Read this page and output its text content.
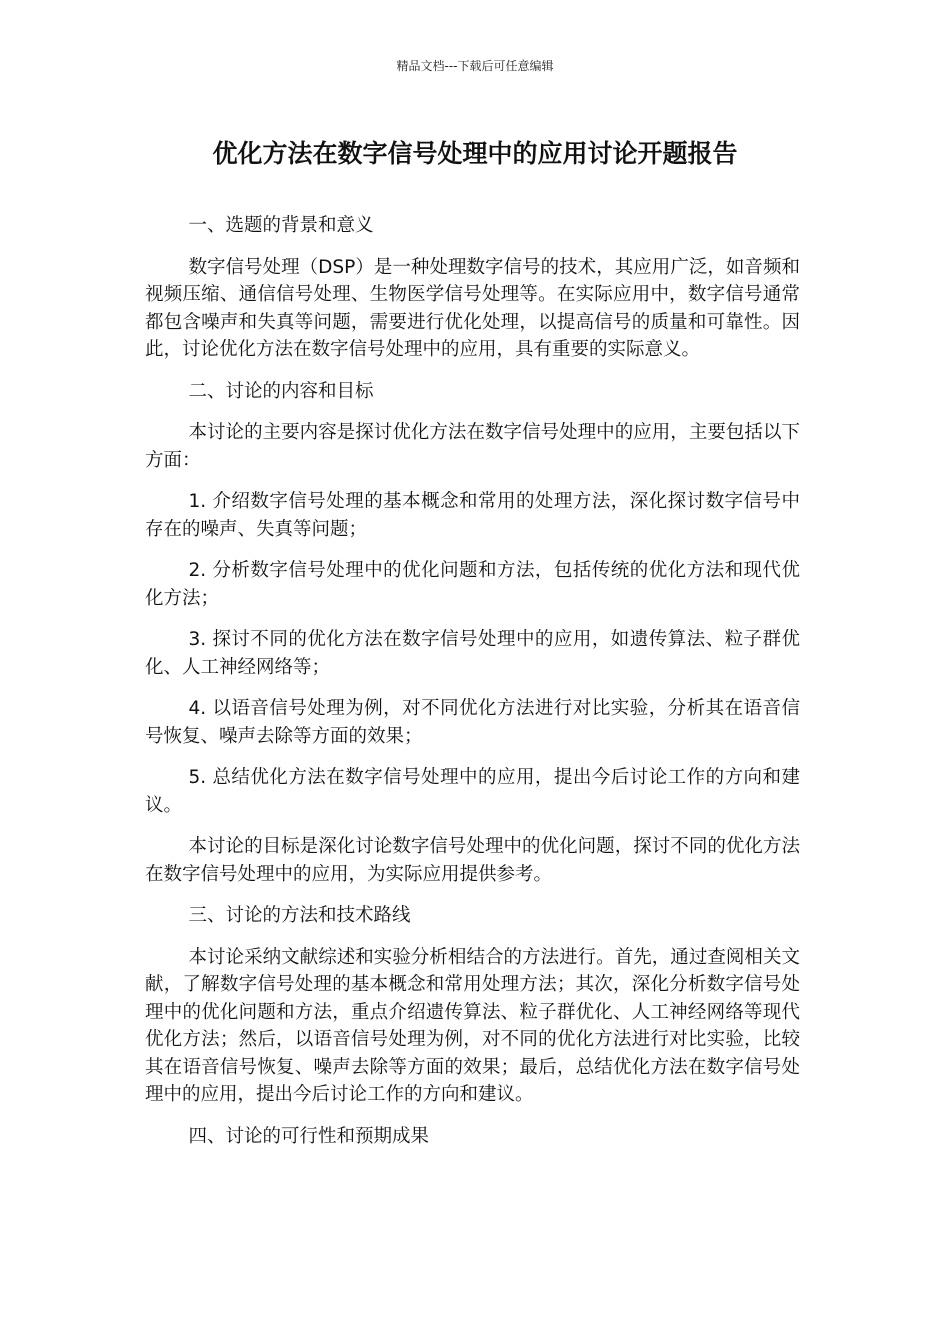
精品文档---下载后可任意编辑
优化方法在数字信号处理中的应用讨论开题报告

一、选题的背景和意义

数字信号处理（DSP）是一种处理数字信号的技术，其应用广泛，如音频和视频压缩、通信信号处理、生物医学信号处理等。在实际应用中，数字信号通常都包含噪声和失真等问题，需要进行优化处理，以提高信号的质量和可靠性。因此，讨论优化方法在数字信号处理中的应用，具有重要的实际意义。

二、讨论的内容和目标

本讨论的主要内容是探讨优化方法在数字信号处理中的应用，主要包括以下方面：

1. 介绍数字信号处理的基本概念和常用的处理方法，深化探讨数字信号中存在的噪声、失真等问题；

2. 分析数字信号处理中的优化问题和方法，包括传统的优化方法和现代优化方法；

3. 探讨不同的优化方法在数字信号处理中的应用，如遗传算法、粒子群优化、人工神经网络等；

4. 以语音信号处理为例，对不同优化方法进行对比实验，分析其在语音信号恢复、噪声去除等方面的效果；

5. 总结优化方法在数字信号处理中的应用，提出今后讨论工作的方向和建议。

本讨论的目标是深化讨论数字信号处理中的优化问题，探讨不同的优化方法在数字信号处理中的应用，为实际应用提供参考。

三、讨论的方法和技术路线

本讨论采纳文献综述和实验分析相结合的方法进行。首先，通过查阅相关文献，了解数字信号处理的基本概念和常用处理方法；其次，深化分析数字信号处理中的优化问题和方法，重点介绍遗传算法、粒子群优化、人工神经网络等现代优化方法；然后，以语音信号处理为例，对不同的优化方法进行对比实验，比较其在语音信号恢复、噪声去除等方面的效果；最后，总结优化方法在数字信号处理中的应用，提出今后讨论工作的方向和建议。

四、讨论的可行性和预期成果
